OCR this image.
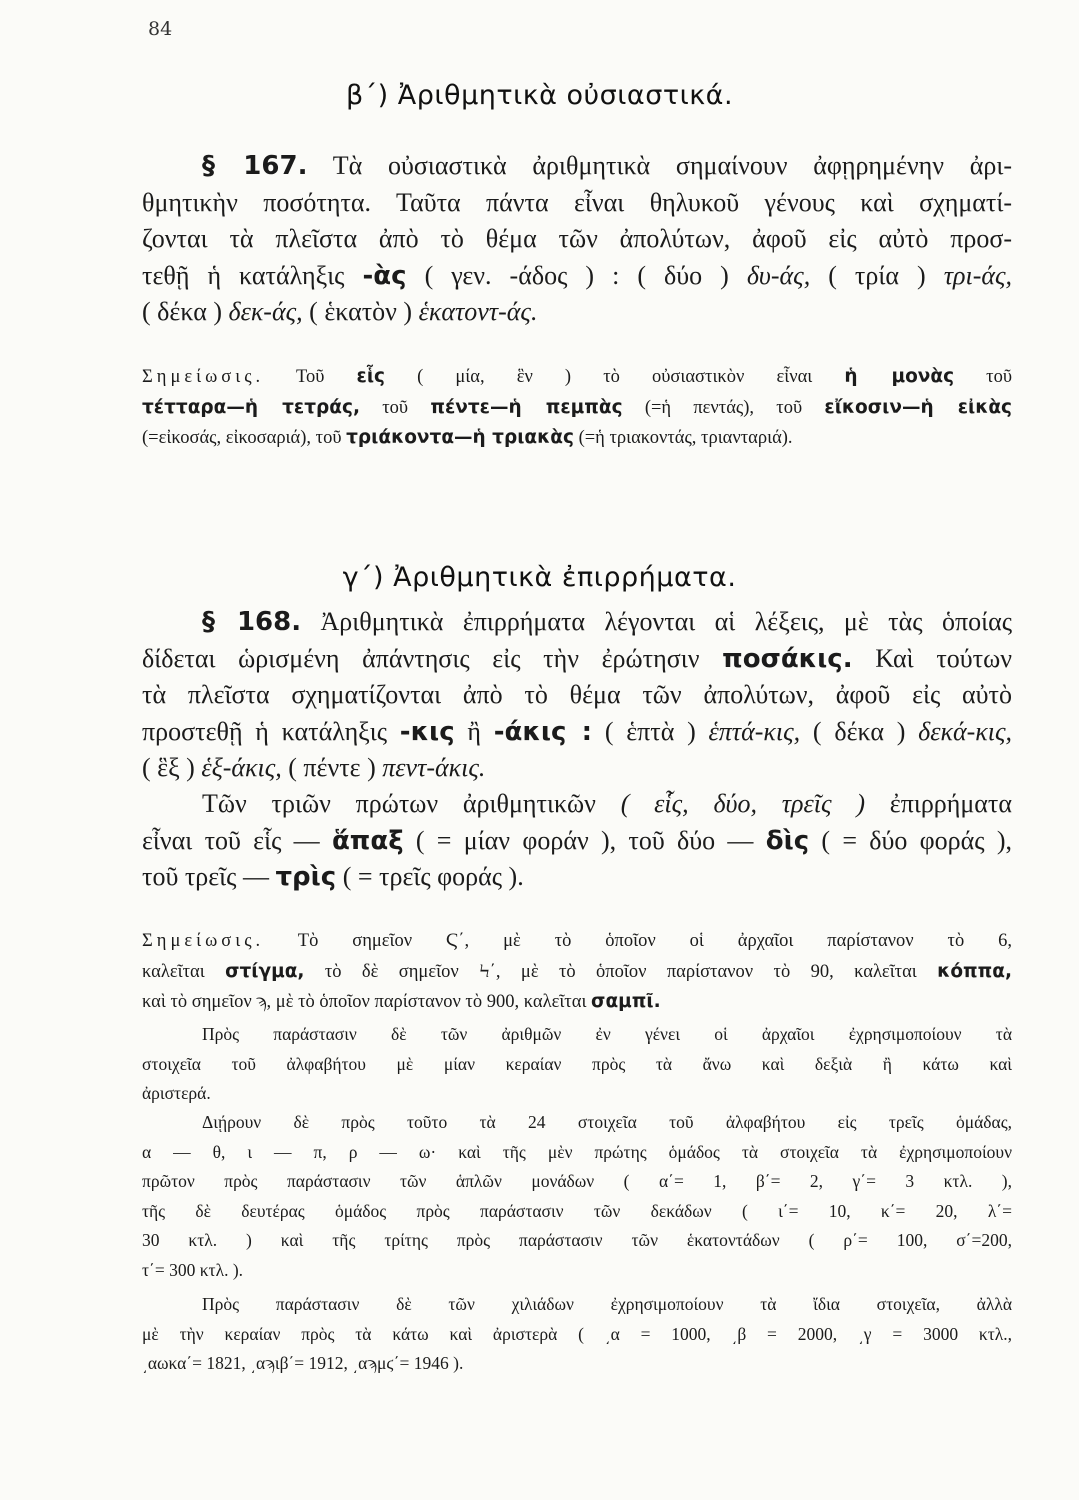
84
β΄) Ἀριθμητικὰ οὐσιαστικά.
§ 167. Τὰ οὐσιαστικὰ ἀριθμητικὰ σημαίνουν ἀφῃρημένην ἀρι-
θμητικὴν ποσότητα. Ταῦτα πάντα εἶναι θηλυκοῦ γένους καὶ σχηματί-
ζονται τὰ πλεῖστα ἀπὸ τὸ θέμα τῶν ἀπολύτων, ἀφοῦ εἰς αὐτὸ προσ-
τεθῇ ἡ κατάληξις -ὰς ( γεν. -άδος ) : ( δύο ) δυ-άς, ( τρία ) τρι-άς,
( δέκα ) δεκ-άς, ( ἑκατὸν ) ἑκατοντ-άς.
Σημείωσις. Τοῦ εἷς ( μία, ἓν ) τὸ οὐσιαστικὸν εἶναι ἡ μονὰς τοῦ
τέτταρα—ἡ τετράς, τοῦ πέντε—ἡ πεμπὰς (=ἡ πεντάς), τοῦ εἴκοσιν—ἡ εἰκὰς
(=εἰκοσάς, εἰκοσαριά), τοῦ τριάκοντα—ἡ τριακὰς (=ἡ τριακοντάς, τριανταριά).
γ΄) Ἀριθμητικὰ ἐπιρρήματα.
§ 168. Ἀριθμητικὰ ἐπιρρήματα λέγονται αἱ λέξεις, μὲ τὰς ὁποίας
δίδεται ὡρισμένη ἀπάντησις εἰς τὴν ἐρώτησιν ποσάκις. Καὶ τούτων
τὰ πλεῖστα σχηματίζονται ἀπὸ τὸ θέμα τῶν ἀπολύτων, ἀφοῦ εἰς αὐτὸ
προστεθῇ ἡ κατάληξις -κις ἢ -άκις : ( ἑπτὰ ) ἑπτά-κις, ( δέκα ) δεκά-κις,
( ἓξ ) ἑξ-άκις, ( πέντε ) πεντ-άκις.
Τῶν τριῶν πρώτων ἀριθμητικῶν ( εἷς, δύο, τρεῖς ) ἐπιρρήματα
εἶναι τοῦ εἷς — ἅπαξ ( = μίαν φοράν ), τοῦ δύο — δὶς ( = δύο φοράς ),
τοῦ τρεῖς — τρὶς ( = τρεῖς φοράς ).
Σημείωσις. Τὸ σημεῖον Ϛ΄, μὲ τὸ ὁποῖον οἱ ἀρχαῖοι παρίστανον τὸ 6,
καλεῖται στίγμα, τὸ δὲ σημεῖον Ϟ΄, μὲ τὸ ὁποῖον παρίστανον τὸ 90, καλεῖται κόππα,
καὶ τὸ σημεῖον ϡ, μὲ τὸ ὁποῖον παρίστανον τὸ 900, καλεῖται σαμπῖ.
Πρὸς παράστασιν δὲ τῶν ἀριθμῶν ἐν γένει οἱ ἀρχαῖοι ἐχρησιμοποίουν τὰ
στοιχεῖα τοῦ ἀλφαβήτου μὲ μίαν κεραίαν πρὸς τὰ ἄνω καὶ δεξιὰ ἢ κάτω καὶ
ἀριστερά.
Διῄρουν δὲ πρὸς τοῦτο τὰ 24 στοιχεῖα τοῦ ἀλφαβήτου εἰς τρεῖς ὁμάδας,
α — θ, ι — π, ρ — ω· καὶ τῆς μὲν πρώτης ὁμάδος τὰ στοιχεῖα τὰ ἐχρησιμοποίουν
πρῶτον πρὸς παράστασιν τῶν ἁπλῶν μονάδων ( α΄= 1, β΄= 2, γ΄= 3 κτλ. ),
τῆς δὲ δευτέρας ὁμάδος πρὸς παράστασιν τῶν δεκάδων ( ι΄= 10, κ΄= 20, λ΄=
30 κτλ. ) καὶ τῆς τρίτης πρὸς παράστασιν τῶν ἑκατοντάδων ( ρ΄= 100, σ΄=200,
τ΄= 300 κτλ. ).
Πρὸς παράστασιν δὲ τῶν χιλιάδων ἐχρησιμοποίουν τὰ ἴδια στοιχεῖα, ἀλλὰ
μὲ τὴν κεραίαν πρὸς τὰ κάτω καὶ ἀριστερὰ ( ͵α = 1000, ͵β = 2000, ͵γ = 3000 κτλ.,
͵αωκα΄= 1821, ͵αϡιβ΄= 1912, ͵αϡμϛ΄= 1946 ).
